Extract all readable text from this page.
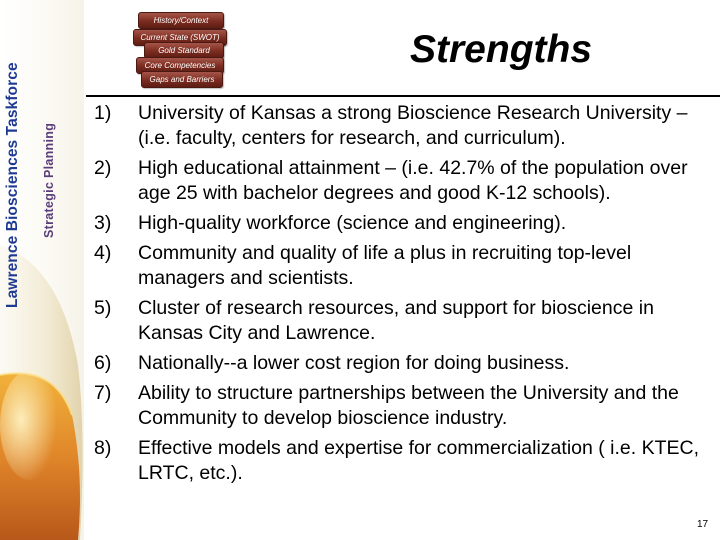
Lawrence Biosciences Taskforce Strategic Planning
History/Context
Current State (SWOT)
Gold Standard
Core Competencies
Gaps and Barriers
Strengths
1)	University of Kansas a strong Bioscience Research University – (i.e. faculty, centers for research, and curriculum).
2)	High educational attainment – (i.e. 42.7% of the population over age 25 with bachelor degrees and good K-12 schools).
3)	High-quality workforce (science and engineering).
4)	Community and quality of life a plus in recruiting top-level managers and scientists.
5)	Cluster of research resources, and support for bioscience in Kansas City and Lawrence.
6)	Nationally--a lower cost region for doing business.
7)	Ability to structure partnerships between the University and the Community to develop bioscience industry.
8)	Effective models and expertise for commercialization ( i.e. KTEC, LRTC, etc.).
17
